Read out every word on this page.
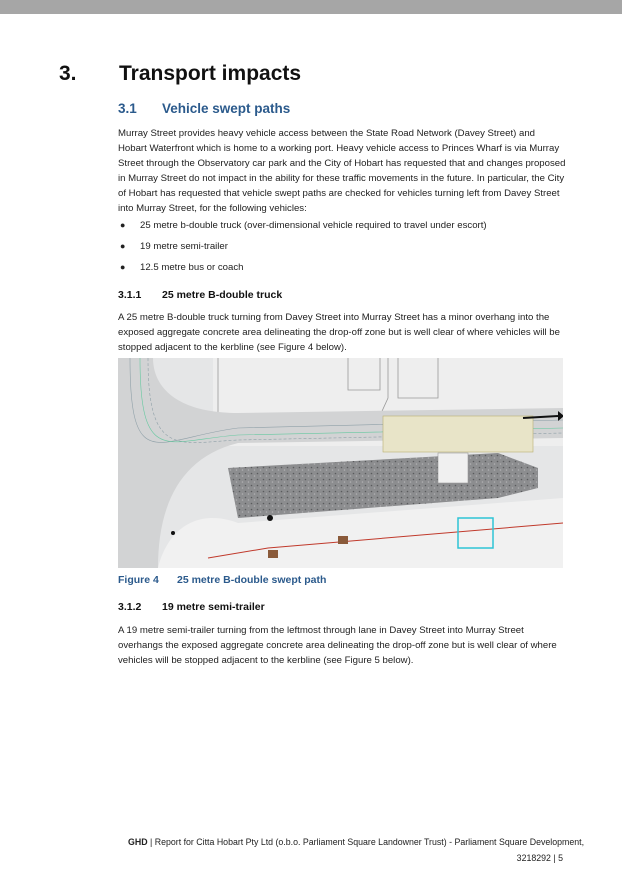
3. Transport impacts
3.1 Vehicle swept paths

Murray Street provides heavy vehicle access between the State Road Network (Davey Street) and Hobart Waterfront which is home to a working port. Heavy vehicle access to Princes Wharf is via Murray Street through the Observatory car park and the City of Hobart has requested that and changes proposed in Murray Street do not impact in the ability for these traffic movements in the future. In particular, the City of Hobart has requested that vehicle swept paths are checked for vehicles turning left from Davey Street into Murray Street, for the following vehicles:

● 25 metre b-double truck (over-dimensional vehicle required to travel under escort)
● 19 metre semi-trailer
● 12.5 metre bus or coach
3.1.1 25 metre B-double truck

A 25 metre B-double truck turning from Davey Street into Murray Street has a minor overhang into the exposed aggregate concrete area delineating the drop-off zone but is well clear of where vehicles will be stopped adjacent to the kerbline (see Figure 4 below).

Figure 4 25 metre B-double swept path
3.1.2 19 metre semi-trailer

A 19 metre semi-trailer turning from the leftmost through lane in Davey Street into Murray Street overhangs the exposed aggregate concrete area delineating the drop-off zone but is well clear of where vehicles will be stopped adjacent to the kerbline (see Figure 5 below).

GHD | Report for Citta Hobart Pty Ltd (o.b.o. Parliament Square Landowner Trust) - Parliament Square Development,
3218292 | 5
